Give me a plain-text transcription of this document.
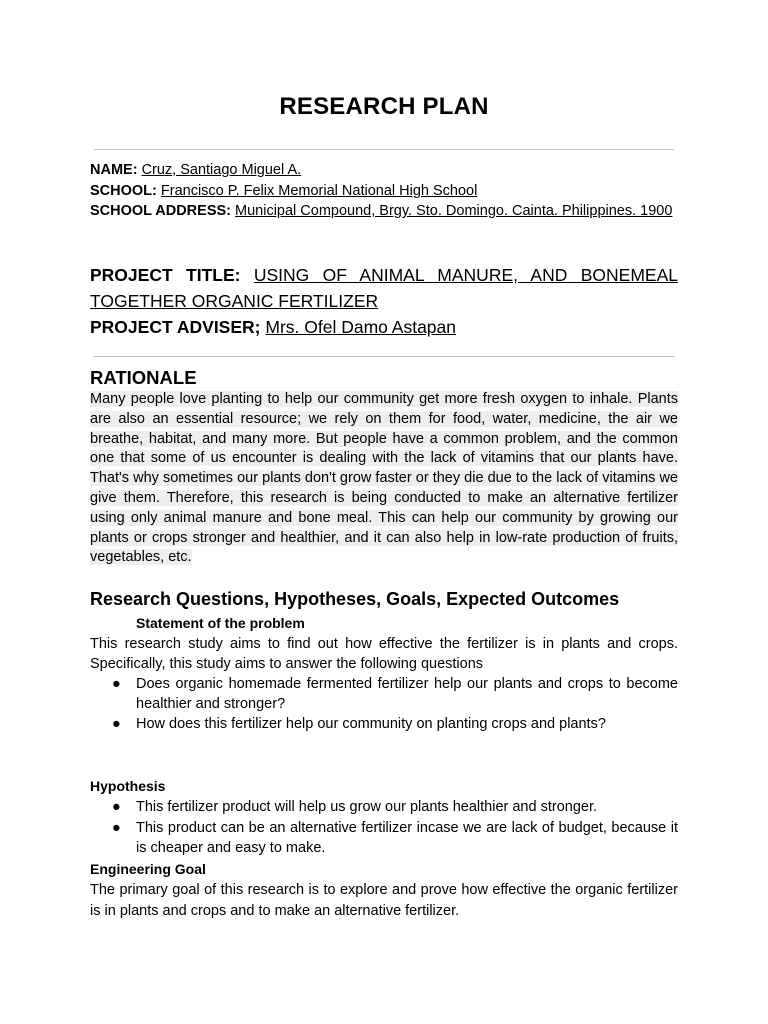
RESEARCH PLAN
NAME: Cruz, Santiago Miguel A.
SCHOOL: Francisco P. Felix Memorial National High School
SCHOOL ADDRESS: Municipal Compound, Brgy. Sto. Domingo. Cainta. Philippines. 1900
PROJECT TITLE: USING OF ANIMAL MANURE, AND BONEMEAL TOGETHER ORGANIC FERTILIZER
PROJECT ADVISER; Mrs. Ofel Damo Astapan
RATIONALE
Many people love planting to help our community get more fresh oxygen to inhale. Plants are also an essential resource; we rely on them for food, water, medicine, the air we breathe, habitat, and many more. But people have a common problem, and the common one that some of us encounter is dealing with the lack of vitamins that our plants have. That's why sometimes our plants don't grow faster or they die due to the lack of vitamins we give them. Therefore, this research is being conducted to make an alternative fertilizer using only animal manure and bone meal. This can help our community by growing our plants or crops stronger and healthier, and it can also help in low-rate production of fruits, vegetables, etc.
Research Questions, Hypotheses, Goals, Expected Outcomes
Statement of the problem
This research study aims to find out how effective the fertilizer is in plants and crops. Specifically, this study aims to answer the following questions
● Does organic homemade fermented fertilizer help our plants and crops to become healthier and stronger?
● How does this fertilizer help our community on planting crops and plants?
Hypothesis
● This fertilizer product will help us grow our plants healthier and stronger.
● This product can be an alternative fertilizer incase we are lack of budget, because it is cheaper and easy to make.
Engineering Goal
The primary goal of this research is to explore and prove how effective the organic fertilizer is in plants and crops and to make an alternative fertilizer.
